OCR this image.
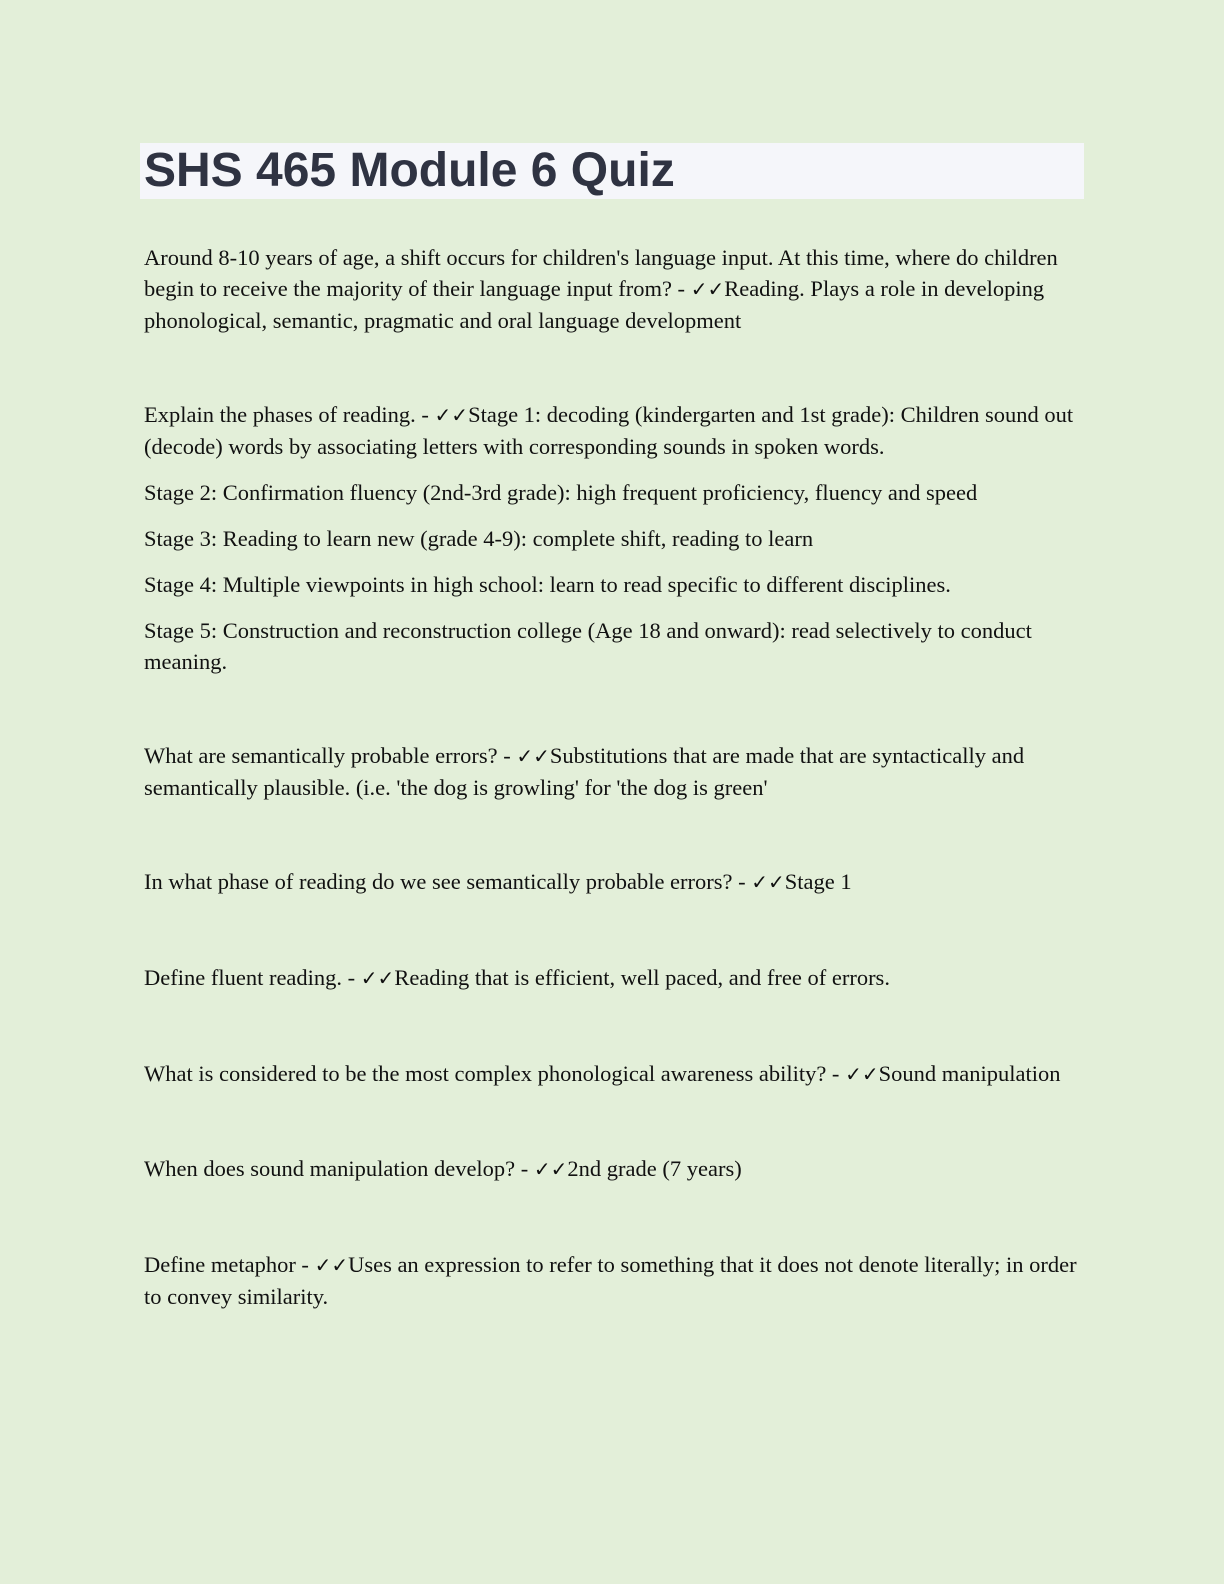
SHS 465 Module 6 Quiz

Around 8-10 years of age, a shift occurs for children's language input. At this time, where do children begin to receive the majority of their language input from? - ✓✓Reading. Plays a role in developing phonological, semantic, pragmatic and oral language development

Explain the phases of reading. - ✓✓Stage 1: decoding (kindergarten and 1st grade): Children sound out (decode) words by associating letters with corresponding sounds in spoken words.

Stage 2: Confirmation fluency (2nd-3rd grade): high frequent proficiency, fluency and speed

Stage 3: Reading to learn new (grade 4-9): complete shift, reading to learn

Stage 4: Multiple viewpoints in high school: learn to read specific to different disciplines.

Stage 5: Construction and reconstruction college (Age 18 and onward): read selectively to conduct meaning.

What are semantically probable errors? - ✓✓Substitutions that are made that are syntactically and semantically plausible. (i.e. 'the dog is growling' for 'the dog is green'

In what phase of reading do we see semantically probable errors? - ✓✓Stage 1

Define fluent reading. - ✓✓Reading that is efficient, well paced, and free of errors.

What is considered to be the most complex phonological awareness ability? - ✓✓Sound manipulation

When does sound manipulation develop? - ✓✓2nd grade (7 years)

Define metaphor - ✓✓Uses an expression to refer to something that it does not denote literally; in order to convey similarity.
